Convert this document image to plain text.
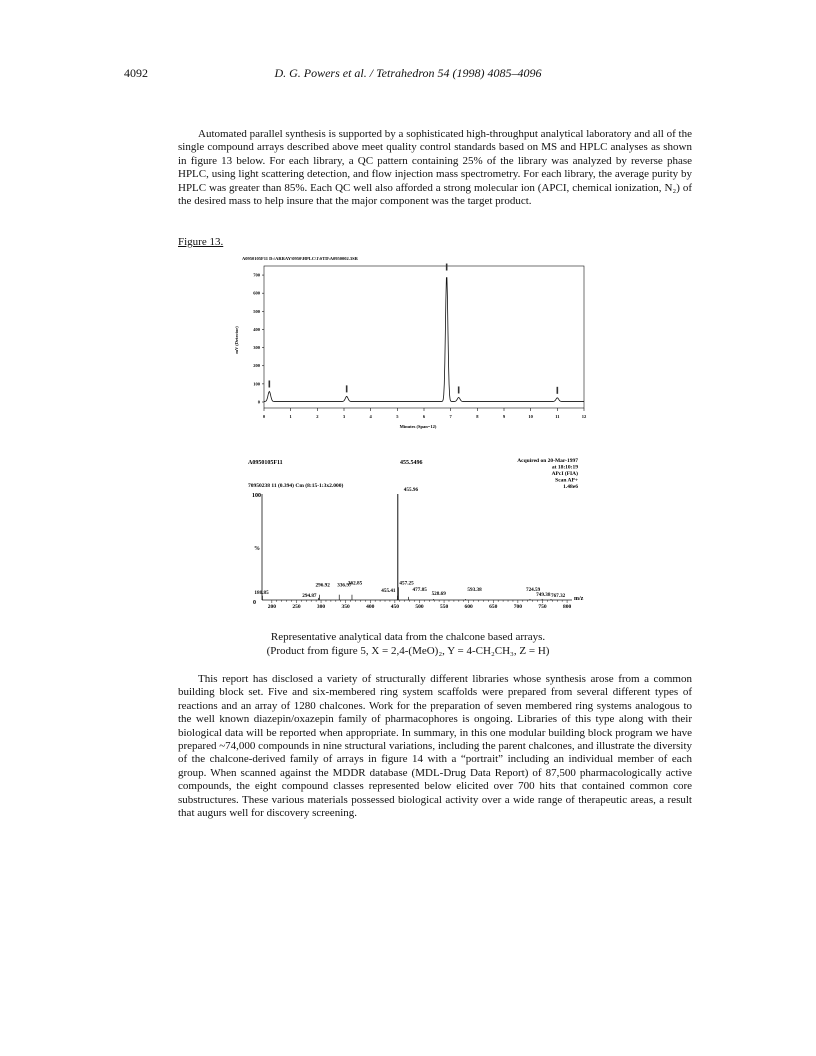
4092	D. G. Powers et al. / Tetrahedron 54 (1998) 4085–4096

Automated parallel synthesis is supported by a sophisticated high-throughput analytical laboratory and all of the single compound arrays described above meet quality control standards based on MS and HPLC analyses as shown in figure 13 below. For each library, a QC pattern containing 25% of the library was analyzed by reverse phase HPLC, using light scattering detection, and flow injection mass spectrometry. For each library, the average purity by HPLC was greater than 85%. Each QC well also afforded a strong molecular ion (APCI, chemical ionization, N₂) of the desired mass to help insure that the major component was the target product.

Figure 13.
A0950105F11 D:\ARRAY\0950\HPLC\1\STD\A0950002.3SR
0
100
200
300
400
500
600
700
0	1	2	3	4	5	6	7	8	9	10	11	12
mV (Detector)
Minutes (Span=12)
A0950105F11	455.5496	Acquired on 20-Mar-1997
at 18:10:19
APcI (FIA)
Scan AP+
1.48e6
70950238 11 (0.394) Cm (8:15-1:3x2.000)
100
%
0
180.85
294.87
296.92 336.97
362.85
455.41
455.96
457.25
477.85
528.69
593.38	724.59
749.38 767.32
200	250	300	350	400	450	500	550	600	650	700	750	800
m/z
Representative analytical data from the chalcone based arrays.
(Product from figure 5, X = 2,4-(MeO)₂, Y = 4-CH₂CH₃, Z = H)

This report has disclosed a variety of structurally different libraries whose synthesis arose from a common building block set. Five and six-membered ring system scaffolds were prepared from several different types of reactions and an array of 1280 chalcones. Work for the preparation of seven membered ring systems analogous to the well known diazepin/oxazepin family of pharmacophores is ongoing. Libraries of this type along with their biological data will be reported when appropriate. In summary, in this one modular building block program we have prepared ~74,000 compounds in nine structural variations, including the parent chalcones, and illustrate the diversity of the chalcone-derived family of arrays in figure 14 with a “portrait” including an individual member of each group. When scanned against the MDDR database (MDL-Drug Data Report) of 87,500 pharmacologically active compounds, the eight compound classes represented below elicited over 700 hits that contained common core substructures. These various materials possessed biological activity over a wide range of therapeutic areas, a result that augurs well for discovery screening.
